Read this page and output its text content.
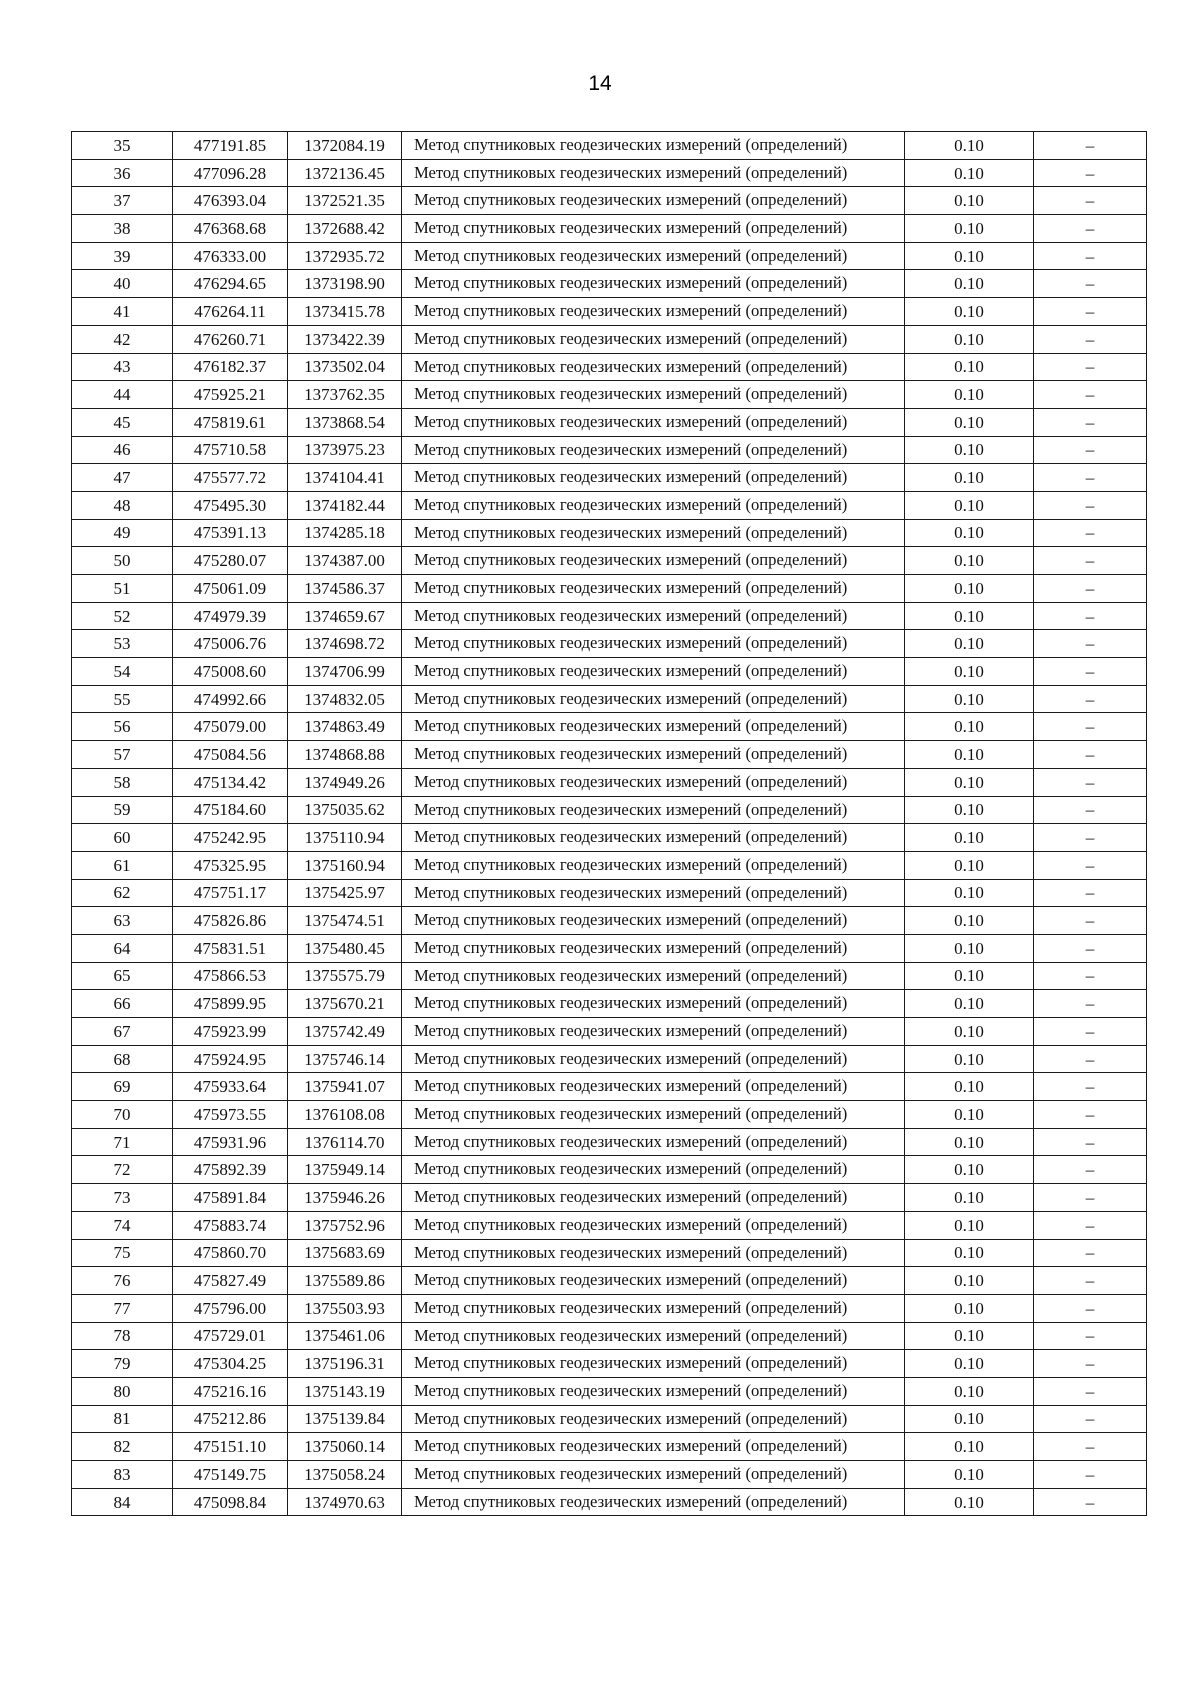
14
35	477191.85	1372084.19	Метод спутниковых геодезических измерений (определений)	0.10	–
36	477096.28	1372136.45	Метод спутниковых геодезических измерений (определений)	0.10	–
37	476393.04	1372521.35	Метод спутниковых геодезических измерений (определений)	0.10	–
38	476368.68	1372688.42	Метод спутниковых геодезических измерений (определений)	0.10	–
39	476333.00	1372935.72	Метод спутниковых геодезических измерений (определений)	0.10	–
40	476294.65	1373198.90	Метод спутниковых геодезических измерений (определений)	0.10	–
41	476264.11	1373415.78	Метод спутниковых геодезических измерений (определений)	0.10	–
42	476260.71	1373422.39	Метод спутниковых геодезических измерений (определений)	0.10	–
43	476182.37	1373502.04	Метод спутниковых геодезических измерений (определений)	0.10	–
44	475925.21	1373762.35	Метод спутниковых геодезических измерений (определений)	0.10	–
45	475819.61	1373868.54	Метод спутниковых геодезических измерений (определений)	0.10	–
46	475710.58	1373975.23	Метод спутниковых геодезических измерений (определений)	0.10	–
47	475577.72	1374104.41	Метод спутниковых геодезических измерений (определений)	0.10	–
48	475495.30	1374182.44	Метод спутниковых геодезических измерений (определений)	0.10	–
49	475391.13	1374285.18	Метод спутниковых геодезических измерений (определений)	0.10	–
50	475280.07	1374387.00	Метод спутниковых геодезических измерений (определений)	0.10	–
51	475061.09	1374586.37	Метод спутниковых геодезических измерений (определений)	0.10	–
52	474979.39	1374659.67	Метод спутниковых геодезических измерений (определений)	0.10	–
53	475006.76	1374698.72	Метод спутниковых геодезических измерений (определений)	0.10	–
54	475008.60	1374706.99	Метод спутниковых геодезических измерений (определений)	0.10	–
55	474992.66	1374832.05	Метод спутниковых геодезических измерений (определений)	0.10	–
56	475079.00	1374863.49	Метод спутниковых геодезических измерений (определений)	0.10	–
57	475084.56	1374868.88	Метод спутниковых геодезических измерений (определений)	0.10	–
58	475134.42	1374949.26	Метод спутниковых геодезических измерений (определений)	0.10	–
59	475184.60	1375035.62	Метод спутниковых геодезических измерений (определений)	0.10	–
60	475242.95	1375110.94	Метод спутниковых геодезических измерений (определений)	0.10	–
61	475325.95	1375160.94	Метод спутниковых геодезических измерений (определений)	0.10	–
62	475751.17	1375425.97	Метод спутниковых геодезических измерений (определений)	0.10	–
63	475826.86	1375474.51	Метод спутниковых геодезических измерений (определений)	0.10	–
64	475831.51	1375480.45	Метод спутниковых геодезических измерений (определений)	0.10	–
65	475866.53	1375575.79	Метод спутниковых геодезических измерений (определений)	0.10	–
66	475899.95	1375670.21	Метод спутниковых геодезических измерений (определений)	0.10	–
67	475923.99	1375742.49	Метод спутниковых геодезических измерений (определений)	0.10	–
68	475924.95	1375746.14	Метод спутниковых геодезических измерений (определений)	0.10	–
69	475933.64	1375941.07	Метод спутниковых геодезических измерений (определений)	0.10	–
70	475973.55	1376108.08	Метод спутниковых геодезических измерений (определений)	0.10	–
71	475931.96	1376114.70	Метод спутниковых геодезических измерений (определений)	0.10	–
72	475892.39	1375949.14	Метод спутниковых геодезических измерений (определений)	0.10	–
73	475891.84	1375946.26	Метод спутниковых геодезических измерений (определений)	0.10	–
74	475883.74	1375752.96	Метод спутниковых геодезических измерений (определений)	0.10	–
75	475860.70	1375683.69	Метод спутниковых геодезических измерений (определений)	0.10	–
76	475827.49	1375589.86	Метод спутниковых геодезических измерений (определений)	0.10	–
77	475796.00	1375503.93	Метод спутниковых геодезических измерений (определений)	0.10	–
78	475729.01	1375461.06	Метод спутниковых геодезических измерений (определений)	0.10	–
79	475304.25	1375196.31	Метод спутниковых геодезических измерений (определений)	0.10	–
80	475216.16	1375143.19	Метод спутниковых геодезических измерений (определений)	0.10	–
81	475212.86	1375139.84	Метод спутниковых геодезических измерений (определений)	0.10	–
82	475151.10	1375060.14	Метод спутниковых геодезических измерений (определений)	0.10	–
83	475149.75	1375058.24	Метод спутниковых геодезических измерений (определений)	0.10	–
84	475098.84	1374970.63	Метод спутниковых геодезических измерений (определений)	0.10	–
